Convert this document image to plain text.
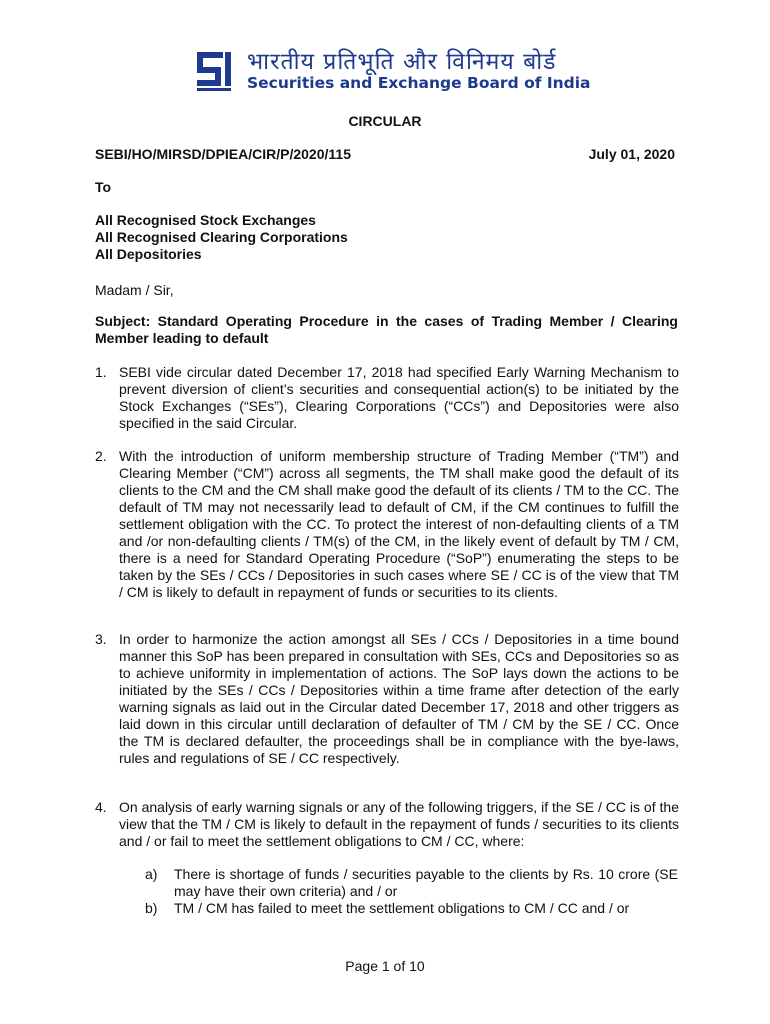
भारतीय प्रतिभूति और विनिमय बोर्ड
Securities and Exchange Board of India
CIRCULAR
SEBI/HO/MIRSD/DPIEA/CIR/P/2020/115	July 01, 2020
To
All Recognised Stock Exchanges
All Recognised Clearing Corporations
All Depositories
Madam / Sir,
Subject: Standard Operating Procedure in the cases of Trading Member / Clearing Member leading to default
1. SEBI vide circular dated December 17, 2018 had specified Early Warning Mechanism to prevent diversion of client’s securities and consequential action(s) to be initiated by the Stock Exchanges (“SEs”), Clearing Corporations (“CCs”) and Depositories were also specified in the said Circular.
2. With the introduction of uniform membership structure of Trading Member (“TM”) and Clearing Member (“CM”) across all segments, the TM shall make good the default of its clients to the CM and the CM shall make good the default of its clients / TM to the CC. The default of TM may not necessarily lead to default of CM, if the CM continues to fulfill the settlement obligation with the CC. To protect the interest of non-defaulting clients of a TM and /or non-defaulting clients / TM(s) of the CM, in the likely event of default by TM / CM, there is a need for Standard Operating Procedure (“SoP”) enumerating the steps to be taken by the SEs / CCs / Depositories in such cases where SE / CC is of the view that TM / CM is likely to default in repayment of funds or securities to its clients.
3. In order to harmonize the action amongst all SEs / CCs / Depositories in a time bound manner this SoP has been prepared in consultation with SEs, CCs and Depositories so as to achieve uniformity in implementation of actions. The SoP lays down the actions to be initiated by the SEs / CCs / Depositories within a time frame after detection of the early warning signals as laid out in the Circular dated December 17, 2018 and other triggers as laid down in this circular untill declaration of defaulter of TM / CM by the SE / CC. Once the TM is declared defaulter, the proceedings shall be in compliance with the bye-laws, rules and regulations of SE / CC respectively.
4. On analysis of early warning signals or any of the following triggers, if the SE / CC is of the view that the TM / CM is likely to default in the repayment of funds / securities to its clients and / or fail to meet the settlement obligations to CM / CC, where:
a) There is shortage of funds / securities payable to the clients by Rs. 10 crore (SE may have their own criteria) and / or
b) TM / CM has failed to meet the settlement obligations to CM / CC and / or
Page 1 of 10
